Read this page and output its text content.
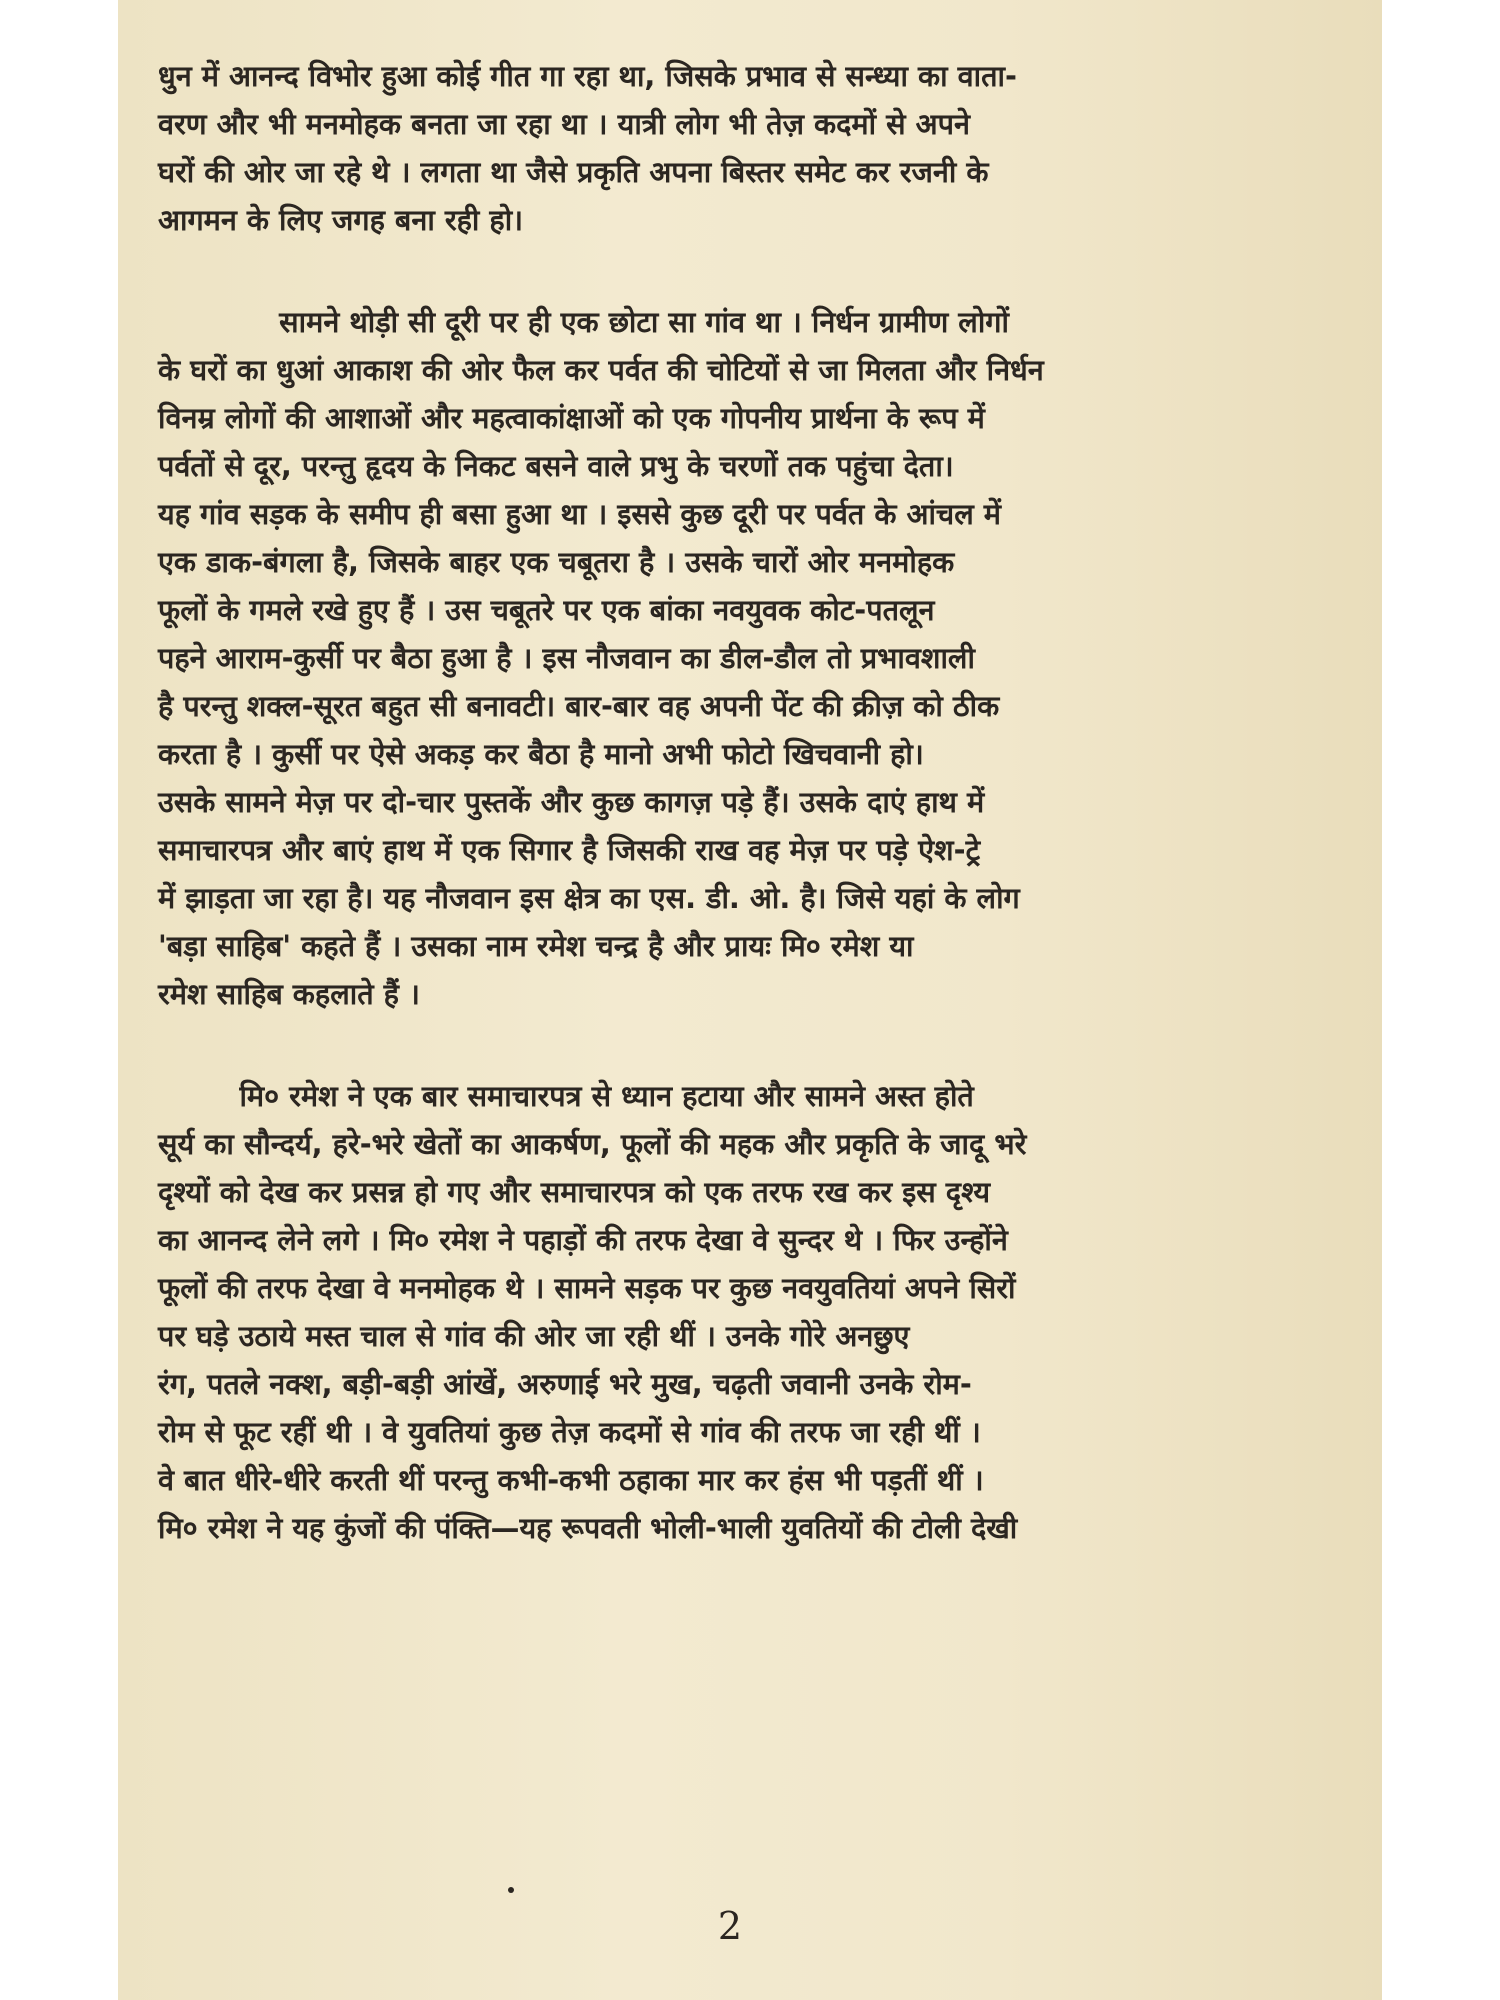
धुन में आनन्द विभोर हुआ कोई गीत गा रहा था, जिसके प्रभाव से सन्ध्या का वाता-

वरण और भी मनमोहक बनता जा रहा था । यात्री लोग भी तेज़ कदमों से अपने

घरों की ओर जा रहे थे । लगता था जैसे प्रकृति अपना बिस्तर समेट कर रजनी के

आगमन के लिए जगह बना रही हो।

सामने थोड़ी सी दूरी पर ही एक छोटा सा गांव था । निर्धन ग्रामीण लोगों

के घरों का धुआं आकाश की ओर फैल कर पर्वत की चोटियों से जा मिलता और निर्धन

विनम्र लोगों की आशाओं और महत्वाकांक्षाओं को एक गोपनीय प्रार्थना के रूप में

पर्वतों से दूर, परन्तु हृदय के निकट बसने वाले प्रभु के चरणों तक पहुंचा देता।

यह गांव सड़क के समीप ही बसा हुआ था । इससे कुछ दूरी पर पर्वत के आंचल में

एक डाक-बंगला है, जिसके बाहर एक चबूतरा है । उसके चारों ओर मनमोहक

फूलों के गमले रखे हुए हैं । उस चबूतरे पर एक बांका नवयुवक कोट-पतलून

पहने आराम-कुर्सी पर बैठा हुआ है । इस नौजवान का डील-डौल तो प्रभावशाली

है परन्तु शक्ल-सूरत बहुत सी बनावटी। बार-बार वह अपनी पेंट की क्रीज़ को ठीक

करता है । कुर्सी पर ऐसे अकड़ कर बैठा है मानो अभी फोटो खिचवानी हो।

उसके सामने मेज़ पर दो-चार पुस्तकें और कुछ कागज़ पड़े हैं। उसके दाएं हाथ में

समाचारपत्र और बाएं हाथ में एक सिगार है जिसकी राख वह मेज़ पर पड़े ऐश-ट्रे

में झाड़ता जा रहा है। यह नौजवान इस क्षेत्र का एस. डी. ओ. है। जिसे यहां के लोग

'बड़ा साहिब' कहते हैं । उसका नाम रमेश चन्द्र है और प्रायः मि० रमेश या

रमेश साहिब कहलाते हैं ।

मि० रमेश ने एक बार समाचारपत्र से ध्यान हटाया और सामने अस्त होते

सूर्य का सौन्दर्य, हरे-भरे खेतों का आकर्षण, फूलों की महक और प्रकृति के जादू भरे

दृश्यों को देख कर प्रसन्न हो गए और समाचारपत्र को एक तरफ रख कर इस दृश्य

का आनन्द लेने लगे । मि० रमेश ने पहाड़ों की तरफ देखा वे सुन्दर थे । फिर उन्होंने

फूलों की तरफ देखा वे मनमोहक थे । सामने सड़क पर कुछ नवयुवतियां अपने सिरों

पर घड़े उठाये मस्त चाल से गांव की ओर जा रही थीं । उनके गोरे अनछुए

रंग, पतले नक्श, बड़ी-बड़ी आंखें, अरुणाई भरे मुख, चढ़ती जवानी उनके रोम-

रोम से फूट रहीं थी । वे युवतियां कुछ तेज़ कदमों से गांव की तरफ जा रही थीं ।

वे बात धीरे-धीरे करती थीं परन्तु कभी-कभी ठहाका मार कर हंस भी पड़तीं थीं ।

मि० रमेश ने यह कुंजों की पंक्ति—यह रूपवती भोली-भाली युवतियों की टोली देखी

2
